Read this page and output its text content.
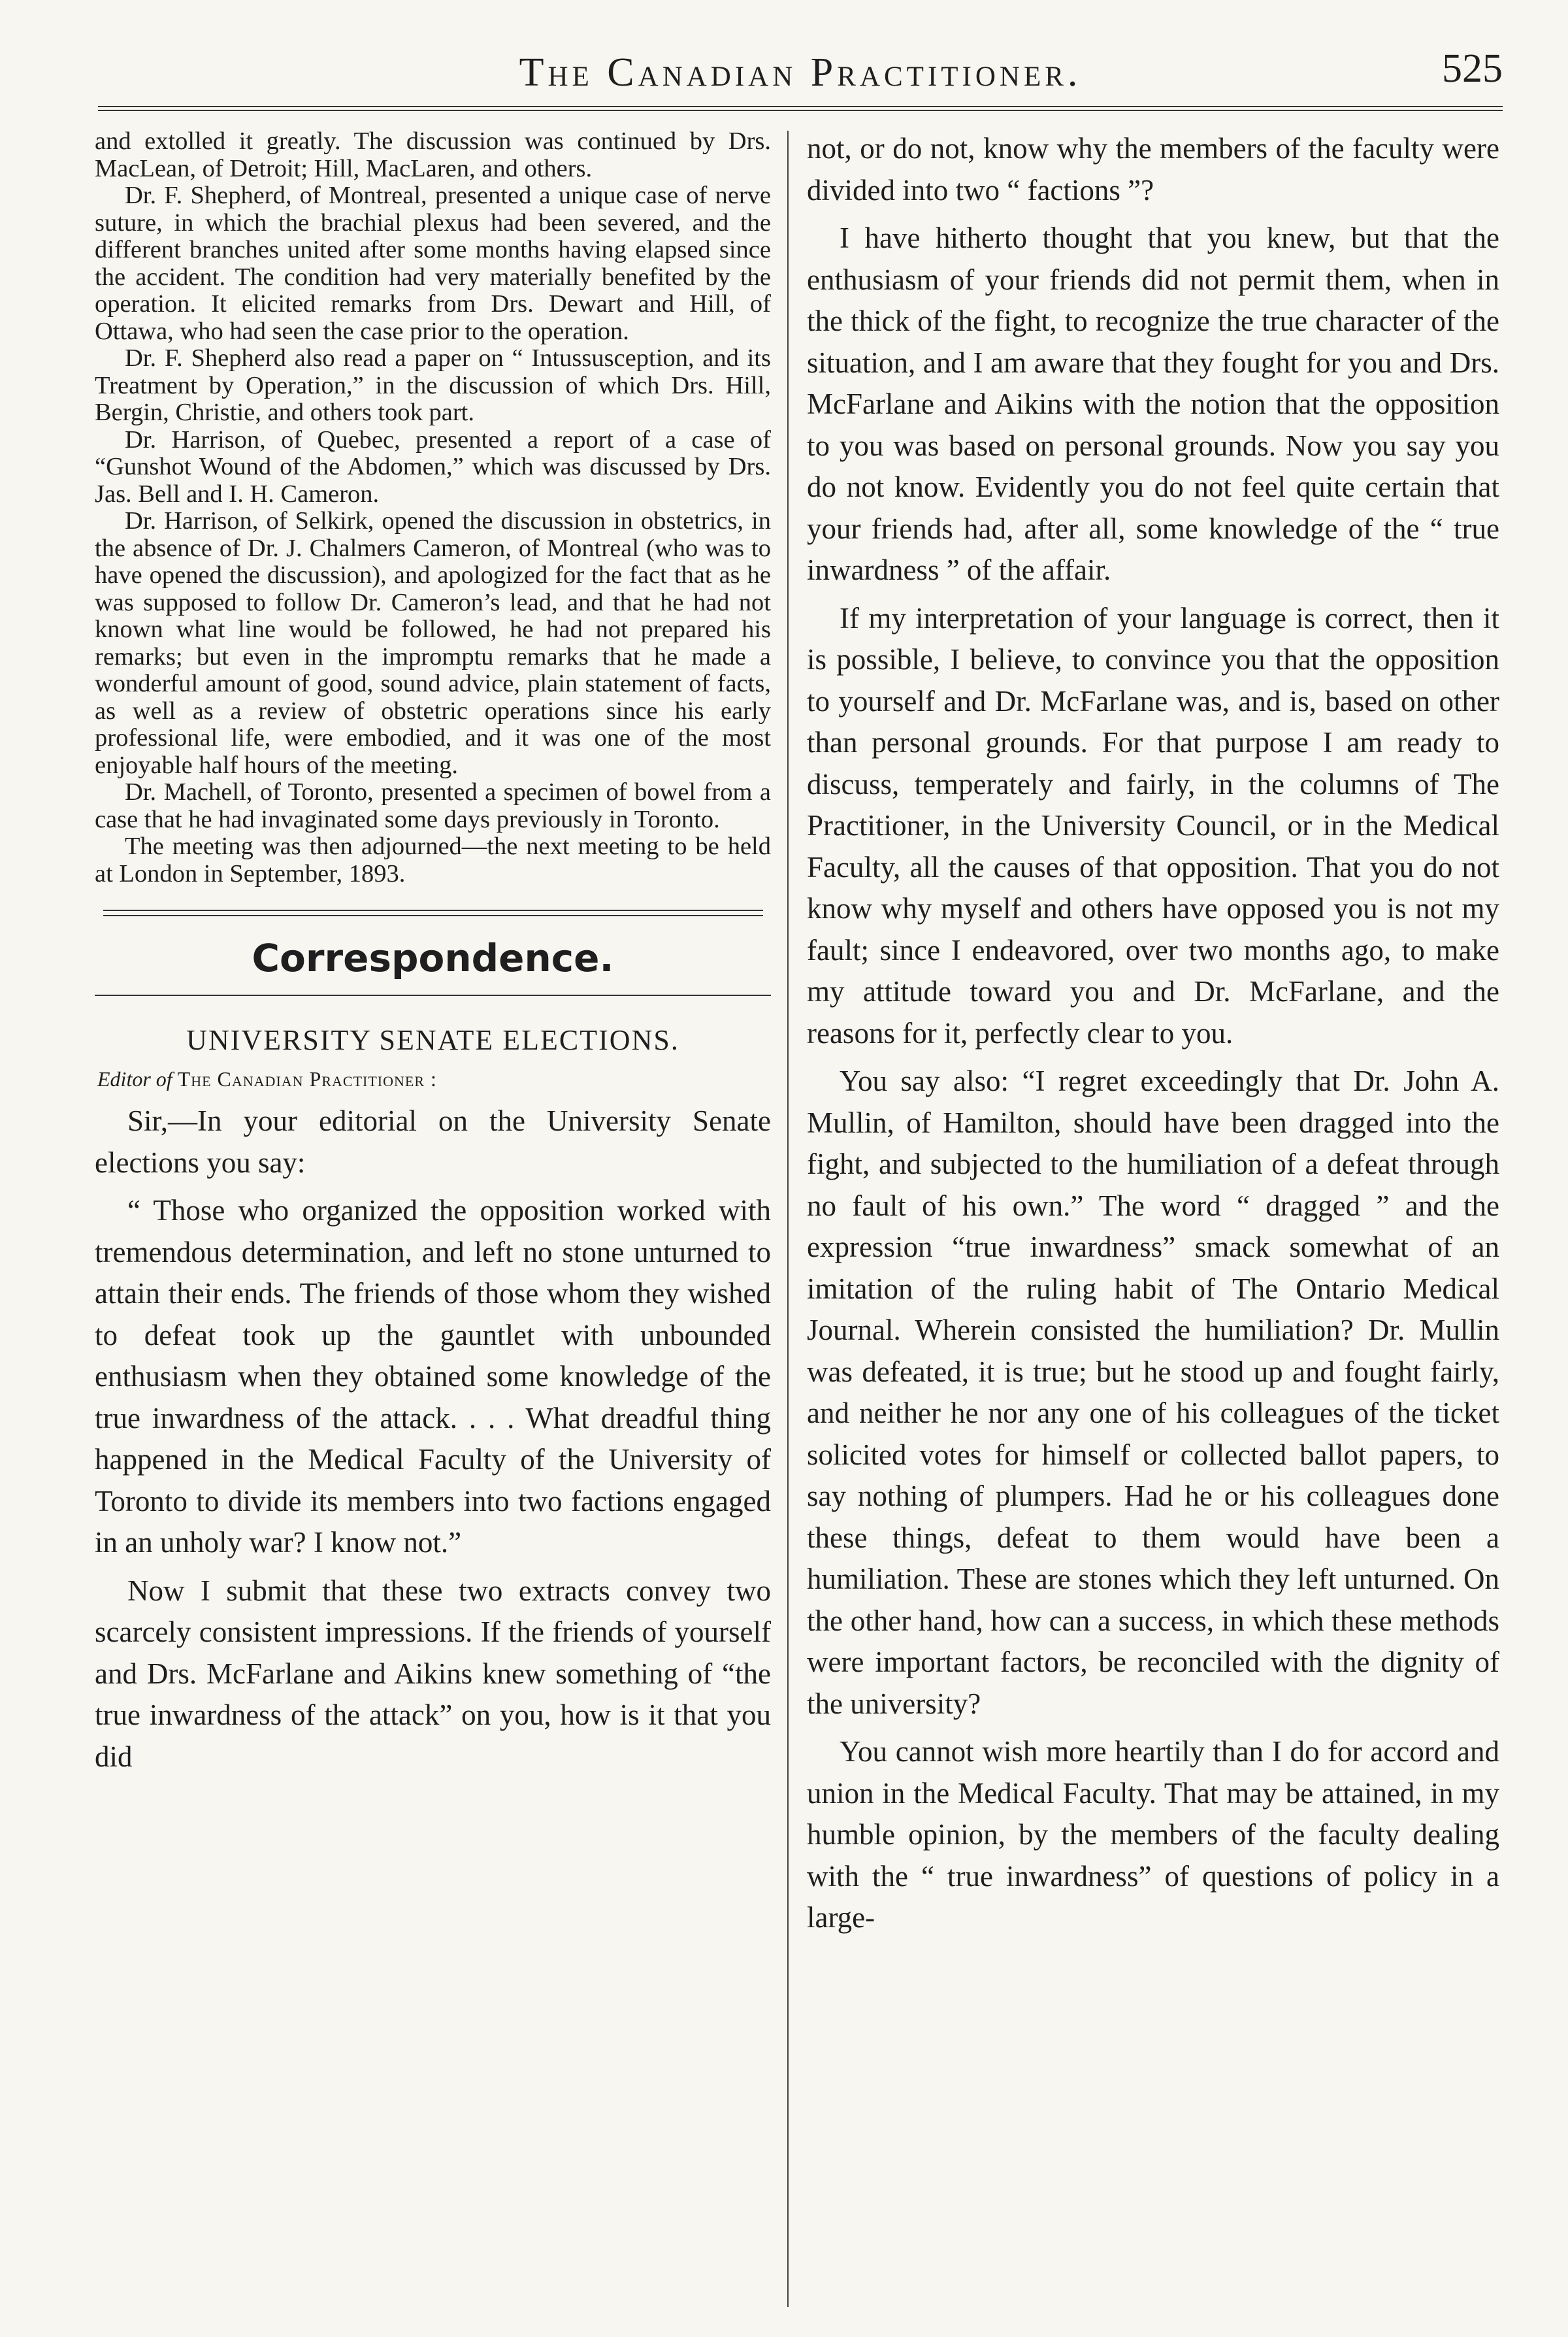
The Canadian Practitioner.	525

and extolled it greatly. The discussion was continued by Drs. MacLean, of Detroit; Hill, MacLaren, and others.

Dr. F. Shepherd, of Montreal, presented a unique case of nerve suture, in which the brachial plexus had been severed, and the different branches united after some months having elapsed since the accident. The condition had very materially benefited by the operation. It elicited remarks from Drs. Dewart and Hill, of Ottawa, who had seen the case prior to the operation.

Dr. F. Shepherd also read a paper on “ Intussusception, and its Treatment by Operation,” in the discussion of which Drs. Hill, Bergin, Christie, and others took part.

Dr. Harrison, of Quebec, presented a report of a case of “Gunshot Wound of the Abdomen,” which was discussed by Drs. Jas. Bell and I. H. Cameron.

Dr. Harrison, of Selkirk, opened the discussion in obstetrics, in the absence of Dr. J. Chalmers Cameron, of Montreal (who was to have opened the discussion), and apologized for the fact that as he was supposed to follow Dr. Cameron’s lead, and that he had not known what line would be followed, he had not prepared his remarks; but even in the impromptu remarks that he made a wonderful amount of good, sound advice, plain statement of facts, as well as a review of obstetric operations since his early professional life, were embodied, and it was one of the most enjoyable half hours of the meeting.

Dr. Machell, of Toronto, presented a specimen of bowel from a case that he had invaginated some days previously in Toronto.

The meeting was then adjourned—the next meeting to be held at London in September, 1893.

Correspondence.
UNIVERSITY SENATE ELECTIONS.
Editor of The Canadian Practitioner :

Sir,—In your editorial on the University Senate elections you say:

“ Those who organized the opposition worked with tremendous determination, and left no stone unturned to attain their ends. The friends of those whom they wished to defeat took up the gauntlet with unbounded enthusiasm when they obtained some knowledge of the true inwardness of the attack. . . . What dreadful thing happened in the Medical Faculty of the University of Toronto to divide its members into two factions engaged in an unholy war? I know not.”

Now I submit that these two extracts convey two scarcely consistent impressions. If the friends of yourself and Drs. McFarlane and Aikins knew something of “the true inwardness of the attack” on you, how is it that you did

not, or do not, know why the members of the faculty were divided into two “ factions ”?

I have hitherto thought that you knew, but that the enthusiasm of your friends did not permit them, when in the thick of the fight, to recognize the true character of the situation, and I am aware that they fought for you and Drs. McFarlane and Aikins with the notion that the opposition to you was based on personal grounds. Now you say you do not know. Evidently you do not feel quite certain that your friends had, after all, some knowledge of the “ true inwardness ” of the affair.

If my interpretation of your language is correct, then it is possible, I believe, to convince you that the opposition to yourself and Dr. McFarlane was, and is, based on other than personal grounds. For that purpose I am ready to discuss, temperately and fairly, in the columns of The Practitioner, in the University Council, or in the Medical Faculty, all the causes of that opposition. That you do not know why myself and others have opposed you is not my fault; since I endeavored, over two months ago, to make my attitude toward you and Dr. McFarlane, and the reasons for it, perfectly clear to you.

You say also: “I regret exceedingly that Dr. John A. Mullin, of Hamilton, should have been dragged into the fight, and subjected to the humiliation of a defeat through no fault of his own.” The word “ dragged ” and the expression “true inwardness” smack somewhat of an imitation of the ruling habit of The Ontario Medical Journal. Wherein consisted the humiliation? Dr. Mullin was defeated, it is true; but he stood up and fought fairly, and neither he nor any one of his colleagues of the ticket solicited votes for himself or collected ballot papers, to say nothing of plumpers. Had he or his colleagues done these things, defeat to them would have been a humiliation. These are stones which they left unturned. On the other hand, how can a success, in which these methods were important factors, be reconciled with the dignity of the university?

You cannot wish more heartily than I do for accord and union in the Medical Faculty. That may be attained, in my humble opinion, by the members of the faculty dealing with the “ true inwardness” of questions of policy in a large-
